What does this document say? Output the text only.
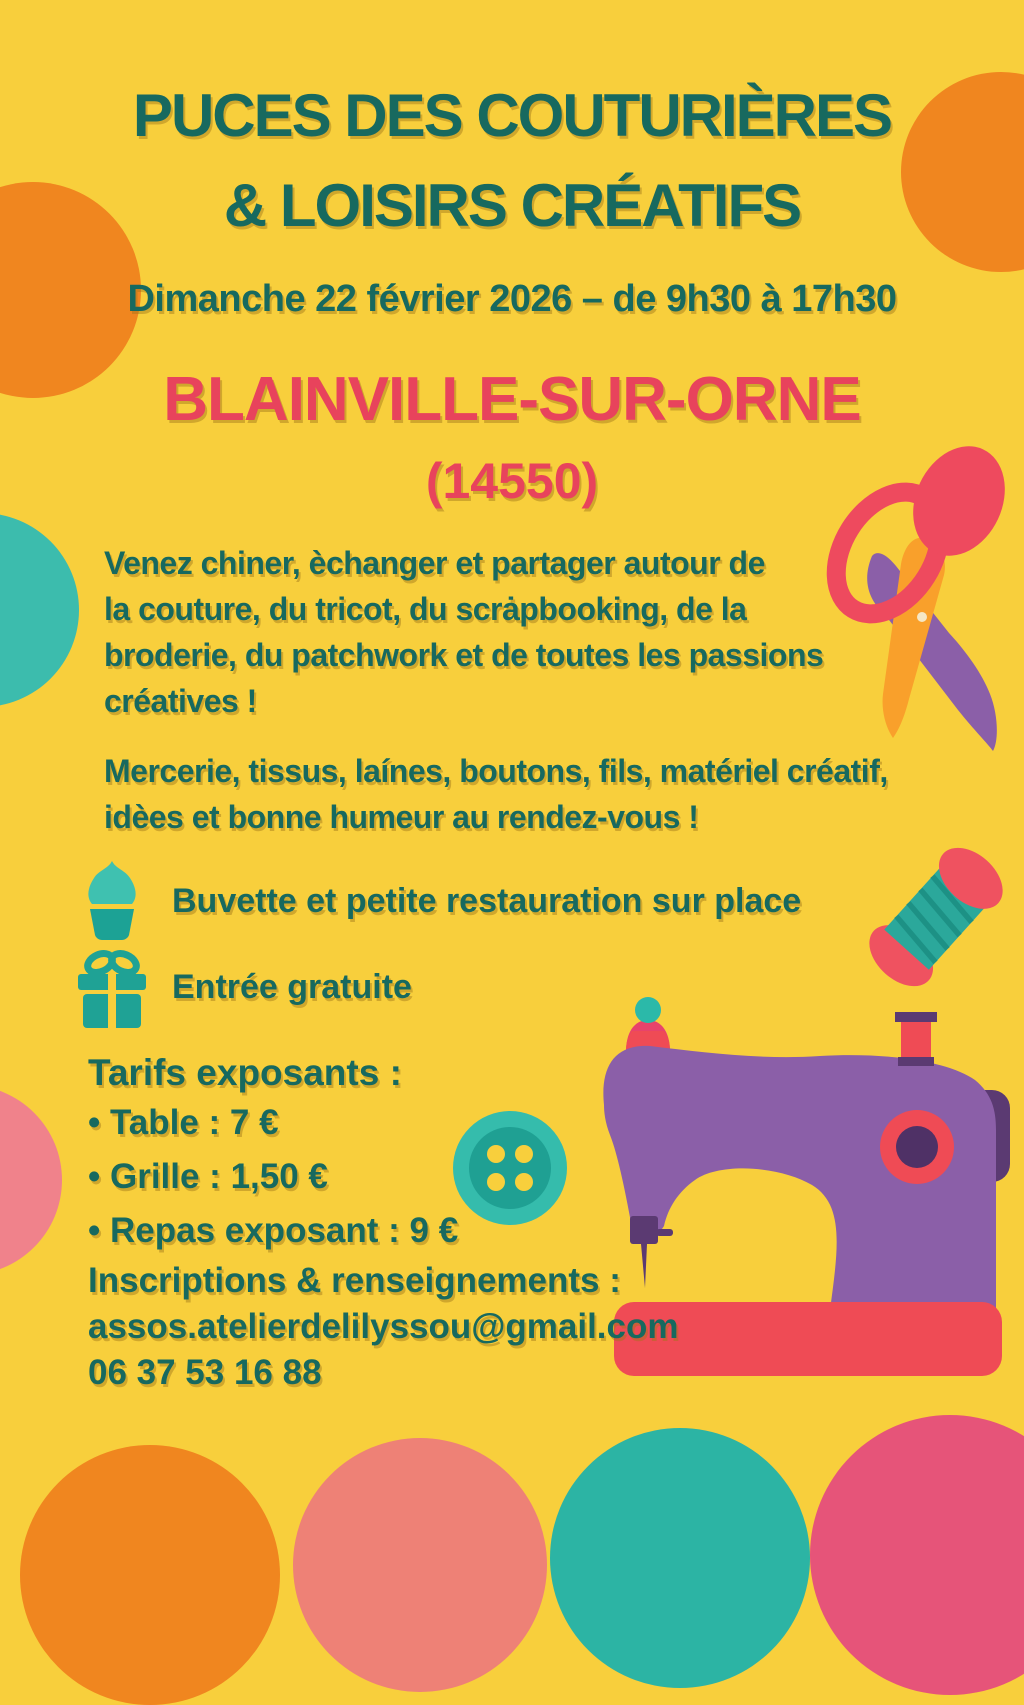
PUCES DES COUTURIÈRES
& LOISIRS CRÉATIFS
Dimanche 22 février 2026 – de 9h30 à 17h30
BLAINVILLE-SUR-ORNE
(14550)
Venez chiner, èchanger et partager autour de
la couture, du tricot, du scrȧpbooking, de la
broderie, du patchwork et de toutes les passions
créatives !
Mercerie, tissus, laínes, boutons, fils, matériel créatif,
idèes et bonne humeur au rendez-vous !
Buvette et petite restauration sur place
Entrée gratuite
Tarifs exposants :
• Table : 7 €
• Grille : 1,50 €
• Repas exposant : 9 €
Inscriptions & renseignements :
assos.atelierdelilyssou@gmail.com
06 37 53 16 88
